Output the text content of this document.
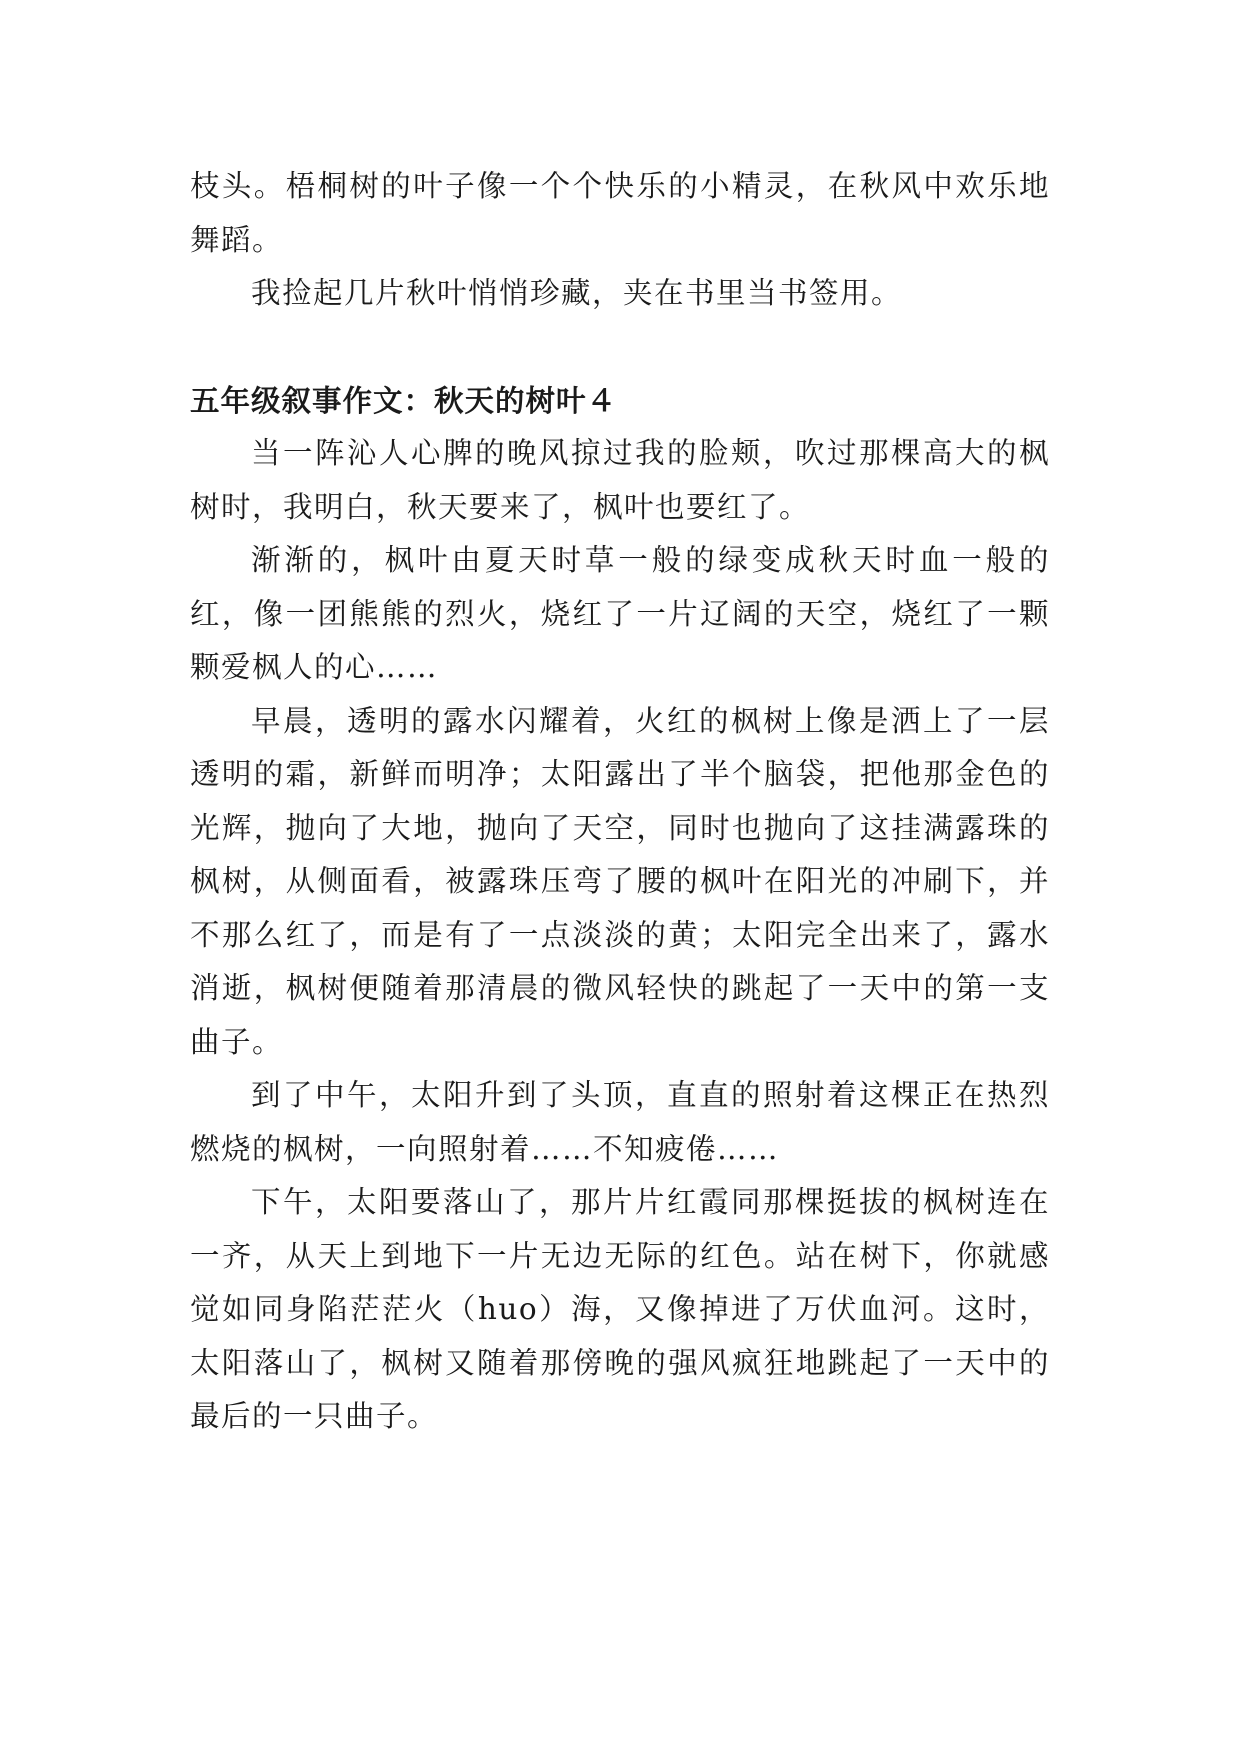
枝头。梧桐树的叶子像一个个快乐的小精灵，在秋风中欢乐地舞蹈。

我捡起几片秋叶悄悄珍藏，夹在书里当书签用。

五年级叙事作文：秋天的树叶４

当一阵沁人心脾的晚风掠过我的脸颊，吹过那棵高大的枫树时，我明白，秋天要来了，枫叶也要红了。

渐渐的，枫叶由夏天时草一般的绿变成秋天时血一般的红，像一团熊熊的烈火，烧红了一片辽阔的天空，烧红了一颗颗爱枫人的心……

早晨，透明的露水闪耀着，火红的枫树上像是洒上了一层透明的霜，新鲜而明净；太阳露出了半个脑袋，把他那金色的光辉，抛向了大地，抛向了天空，同时也抛向了这挂满露珠的枫树，从侧面看，被露珠压弯了腰的枫叶在阳光的冲刷下，并不那么红了，而是有了一点淡淡的黄；太阳完全出来了，露水消逝，枫树便随着那清晨的微风轻快的跳起了一天中的第一支曲子。

到了中午，太阳升到了头顶，直直的照射着这棵正在热烈燃烧的枫树，一向照射着……不知疲倦……

下午，太阳要落山了，那片片红霞同那棵挺拔的枫树连在一齐，从天上到地下一片无边无际的红色。站在树下，你就感觉如同身陷茫茫火（huo）海，又像掉进了万伏血河。这时，太阳落山了，枫树又随着那傍晚的强风疯狂地跳起了一天中的最后的一只曲子。
